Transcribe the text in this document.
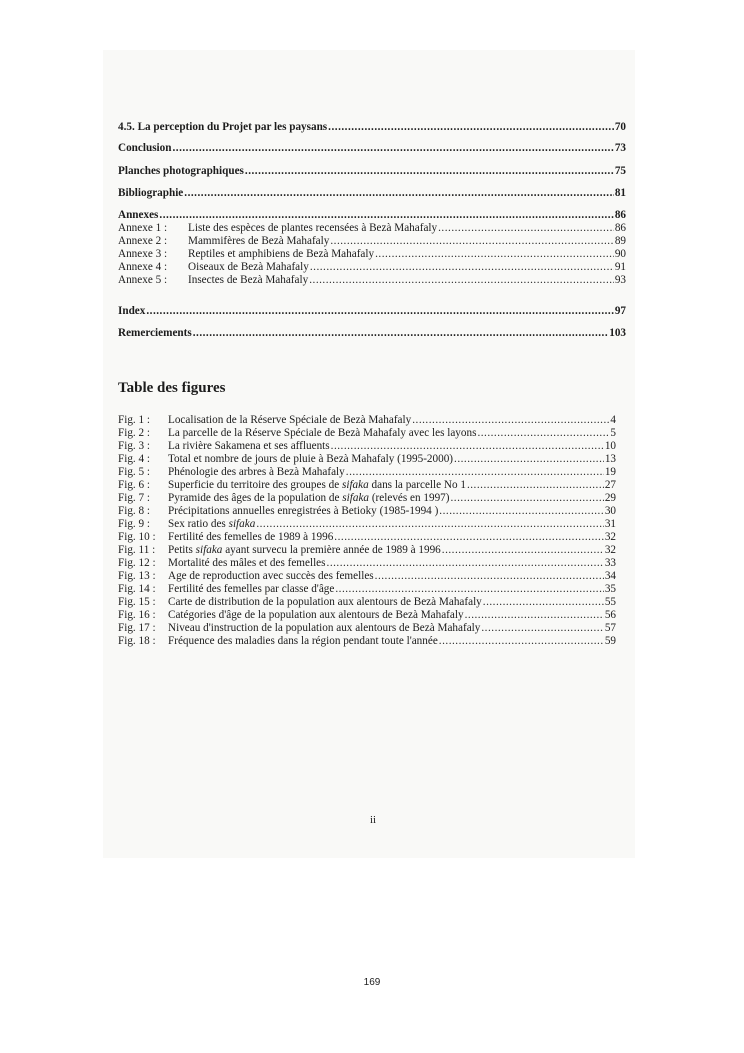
4.5. La perception du Projet par les paysans .....	70
Conclusion .....	73
Planches photographiques .....	75
Bibliographie .....	81
Annexes .....	86
Annexe 1 :	Liste des espèces de plantes recensées à Bezà Mahafaly .....	86
Annexe 2 :	Mammifères de Bezà Mahafaly .....	89
Annexe 3 :	Reptiles et amphibiens de Bezà Mahafaly .....	90
Annexe 4 :	Oiseaux de Bezà Mahafaly .....	91
Annexe 5 :	Insectes de Bezà Mahafaly .....	93
Index .....	97
Remerciements .....	103
Table des figures
Fig. 1 :	Localisation de la Réserve Spéciale de Bezà Mahafaly .....	4
Fig. 2 :	La parcelle de la Réserve Spéciale de Bezà Mahafaly avec les layons .....	5
Fig. 3 :	La rivière Sakamena et ses affluents .....	10
Fig. 4 :	Total et nombre de jours de pluie à Bezà Mahafaly (1995-2000) .....	13
Fig. 5 :	Phénologie des arbres à Bezà Mahafaly .....	19
Fig. 6 :	Superficie du territoire des groupes de sifaka dans la parcelle No 1 .....	27
Fig. 7 :	Pyramide des âges de la population de sifaka (relevés en 1997) .....	29
Fig. 8 :	Précipitations annuelles enregistrées à Betioky (1985-1994 ) .....	30
Fig. 9 :	Sex ratio des sifaka .....	31
Fig. 10 :	Fertilité des femelles de 1989 à 1996 .....	32
Fig. 11 :	Petits sifaka ayant survecu la première année de 1989 à 1996 .....	32
Fig. 12 :	Mortalité des mâles et des femelles .....	33
Fig. 13 :	Age de reproduction avec succès des femelles .....	34
Fig. 14 :	Fertilité des femelles par classe d'âge .....	35
Fig. 15 :	Carte de distribution de la population aux alentours de Bezà Mahafaly .....	55
Fig. 16 :	Catégories d'âge de la population aux alentours de Bezà Mahafaly .....	56
Fig. 17 :	Niveau d'instruction de la population aux alentours de Bezà Mahafaly .....	57
Fig. 18 :	Fréquence des maladies dans la région pendant toute l'année .....	59
ii
169
